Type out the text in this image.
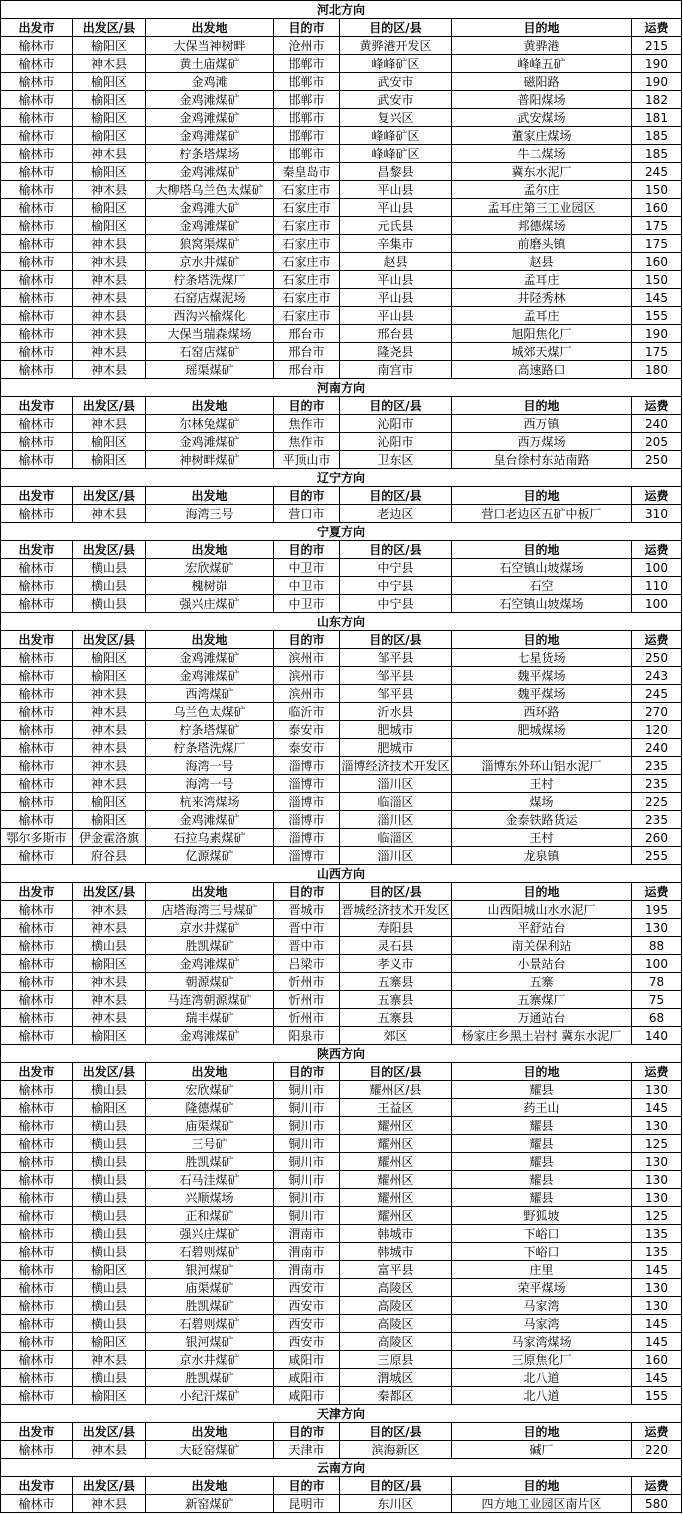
河北方向						
出发市	出发区/县	出发地	目的市	目的区/县	目的地	运费
榆林市	榆阳区	大保当神树畔	沧州市	黄骅港开发区	黄骅港	215
榆林市	神木县	黄土庙煤矿	邯郸市	峰峰矿区	峰峰五矿	190
榆林市	榆阳区	金鸡滩	邯郸市	武安市	磁阳路	190
榆林市	榆阳区	金鸡滩煤矿	邯郸市	武安市	普阳煤场	182
榆林市	榆阳区	金鸡滩煤矿	邯郸市	复兴区	武安煤场	181
榆林市	榆阳区	金鸡滩煤矿	邯郸市	峰峰矿区	董家庄煤场	185
榆林市	神木县	柠条塔煤场	邯郸市	峰峰矿区	牛二煤场	185
榆林市	榆阳区	金鸡滩煤矿	秦皇岛市	昌黎县	冀东水泥厂	245
榆林市	神木县	大柳塔乌兰色太煤矿	石家庄市	平山县	孟尔庄	150
榆林市	榆阳区	金鸡滩大矿	石家庄市	平山县	孟耳庄第三工业园区	160
榆林市	榆阳区	金鸡滩煤矿	石家庄市	元氏县	邦德煤场	175
榆林市	神木县	狼窝渠煤矿	石家庄市	辛集市	前磨头镇	175
榆林市	神木县	京水井煤矿	石家庄市	赵县	赵县	160
榆林市	神木县	柠条塔洗煤厂	石家庄市	平山县	孟耳庄	150
榆林市	神木县	石窑店煤泥场	石家庄市	平山县	井陉秀林	145
榆林市	神木县	西沟兴榆煤化	石家庄市	平山县	孟耳庄	155
榆林市	神木县	大保当瑞森煤场	邢台市	邢台县	旭阳焦化厂	190
榆林市	神木县	石窑店煤矿	邢台市	隆尧县	城郊天煤厂	175
榆林市	神木县	瑶渠煤矿	邢台市	南宫市	高速路口	180
河南方向						
出发市	出发区/县	出发地	目的市	目的区/县	目的地	运费
榆林市	神木县	尔林兔煤矿	焦作市	沁阳市	西万镇	240
榆林市	榆阳区	金鸡滩煤矿	焦作市	沁阳市	西万煤场	205
榆林市	榆阳区	神树畔煤矿	平顶山市	卫东区	皇台徐村东站南路	250
辽宁方向						
出发市	出发区/县	出发地	目的市	目的区/县	目的地	运费
榆林市	神木县	海湾三号	营口市	老边区	营口老边区五矿中板厂	310
宁夏方向						
出发市	出发区/县	出发地	目的市	目的区/县	目的地	运费
榆林市	横山县	宏欣煤矿	中卫市	中宁县	石空镇山坡煤场	100
榆林市	横山县	槐树峁	中卫市	中宁县	石空	110
榆林市	横山县	强兴庄煤矿	中卫市	中宁县	石空镇山坡煤场	100
山东方向						
出发市	出发区/县	出发地	目的市	目的区/县	目的地	运费
榆林市	榆阳区	金鸡滩煤矿	滨州市	邹平县	七星货场	250
榆林市	榆阳区	金鸡滩煤矿	滨州市	邹平县	魏平煤场	243
榆林市	神木县	西湾煤矿	滨州市	邹平县	魏平煤场	245
榆林市	神木县	乌兰色太煤矿	临沂市	沂水县	西环路	270
榆林市	神木县	柠条塔煤矿	泰安市	肥城市	肥城煤场	120
榆林市	神木县	柠条塔洗煤厂	泰安市	肥城市		240
榆林市	神木县	海湾一号	淄博市	淄博经济技术开发区	淄博东外环山铝水泥厂	235
榆林市	神木县	海湾一号	淄博市	淄川区	王村	235
榆林市	榆阳区	杭来湾煤场	淄博市	临淄区	煤场	225
榆林市	榆阳区	金鸡滩煤矿	淄博市	淄川区	金泰铁路货运	235
鄂尔多斯市	伊金霍洛旗	石拉乌素煤矿	淄博市	临淄区	王村	260
榆林市	府谷县	亿源煤矿	淄博市	淄川区	龙泉镇	255
山西方向						
出发市	出发区/县	出发地	目的市	目的区/县	目的地	运费
榆林市	神木县	店塔海湾三号煤矿	晋城市	晋城经济技术开发区	山西阳城山水水泥厂	195
榆林市	神木县	京水井煤矿	晋中市	寿阳县	平舒站台	130
榆林市	横山县	胜凯煤矿	晋中市	灵石县	南关保利站	88
榆林市	榆阳区	金鸡滩煤矿	吕梁市	孝义市	小景站台	100
榆林市	神木县	朝源煤矿	忻州市	五寨县	五寨	78
榆林市	神木县	马连湾朝源煤矿	忻州市	五寨县	五寨煤厂	75
榆林市	神木县	瑞丰煤矿	忻州市	五寨县	万通站台	68
榆林市	榆阳区	金鸡滩煤矿	阳泉市	郊区	杨家庄乡黑土岩村 冀东水泥厂	140
陕西方向						
出发市	出发区/县	出发地	目的市	目的区/县	目的地	运费
榆林市	横山县	宏欣煤矿	铜川市	耀州区/县	耀县	130
榆林市	榆阳区	隆德煤矿	铜川市	王益区	药王山	145
榆林市	横山县	庙渠煤矿	铜川市	耀州区	耀县	130
榆林市	横山县	三号矿	铜川市	耀州区	耀县	125
榆林市	横山县	胜凯煤矿	铜川市	耀州区	耀县	130
榆林市	横山县	石马洼煤矿	铜川市	耀州区	耀县	130
榆林市	横山县	兴顺煤场	铜川市	耀州区	耀县	130
榆林市	横山县	正和煤矿	铜川市	耀州区	野狐坡	125
榆林市	横山县	强兴庄煤矿	渭南市	韩城市	下峪口	135
榆林市	横山县	石碧则煤矿	渭南市	韩城市	下峪口	135
榆林市	榆阳区	银河煤矿	渭南市	富平县	庄里	145
榆林市	横山县	庙渠煤矿	西安市	高陵区	荣平煤场	130
榆林市	横山县	胜凯煤矿	西安市	高陵区	马家湾	130
榆林市	横山县	石碧则煤矿	西安市	高陵区	马家湾	145
榆林市	榆阳区	银河煤矿	西安市	高陵区	马家湾煤场	145
榆林市	神木县	京水井煤矿	咸阳市	三原县	三原焦化厂	160
榆林市	横山县	胜凯煤矿	咸阳市	渭城区	北八道	145
榆林市	榆阳区	小纪汗煤矿	咸阳市	秦都区	北八道	155
天津方向						
出发市	出发区/县	出发地	目的市	目的区/县	目的地	运费
榆林市	神木县	大砭窑煤矿	天津市	滨海新区	碱厂	220
云南方向						
出发市	出发区/县	出发地	目的市	目的区/县	目的地	运费
榆林市	神木县	新窑煤矿	昆明市	东川区	四方地工业园区南片区	580
